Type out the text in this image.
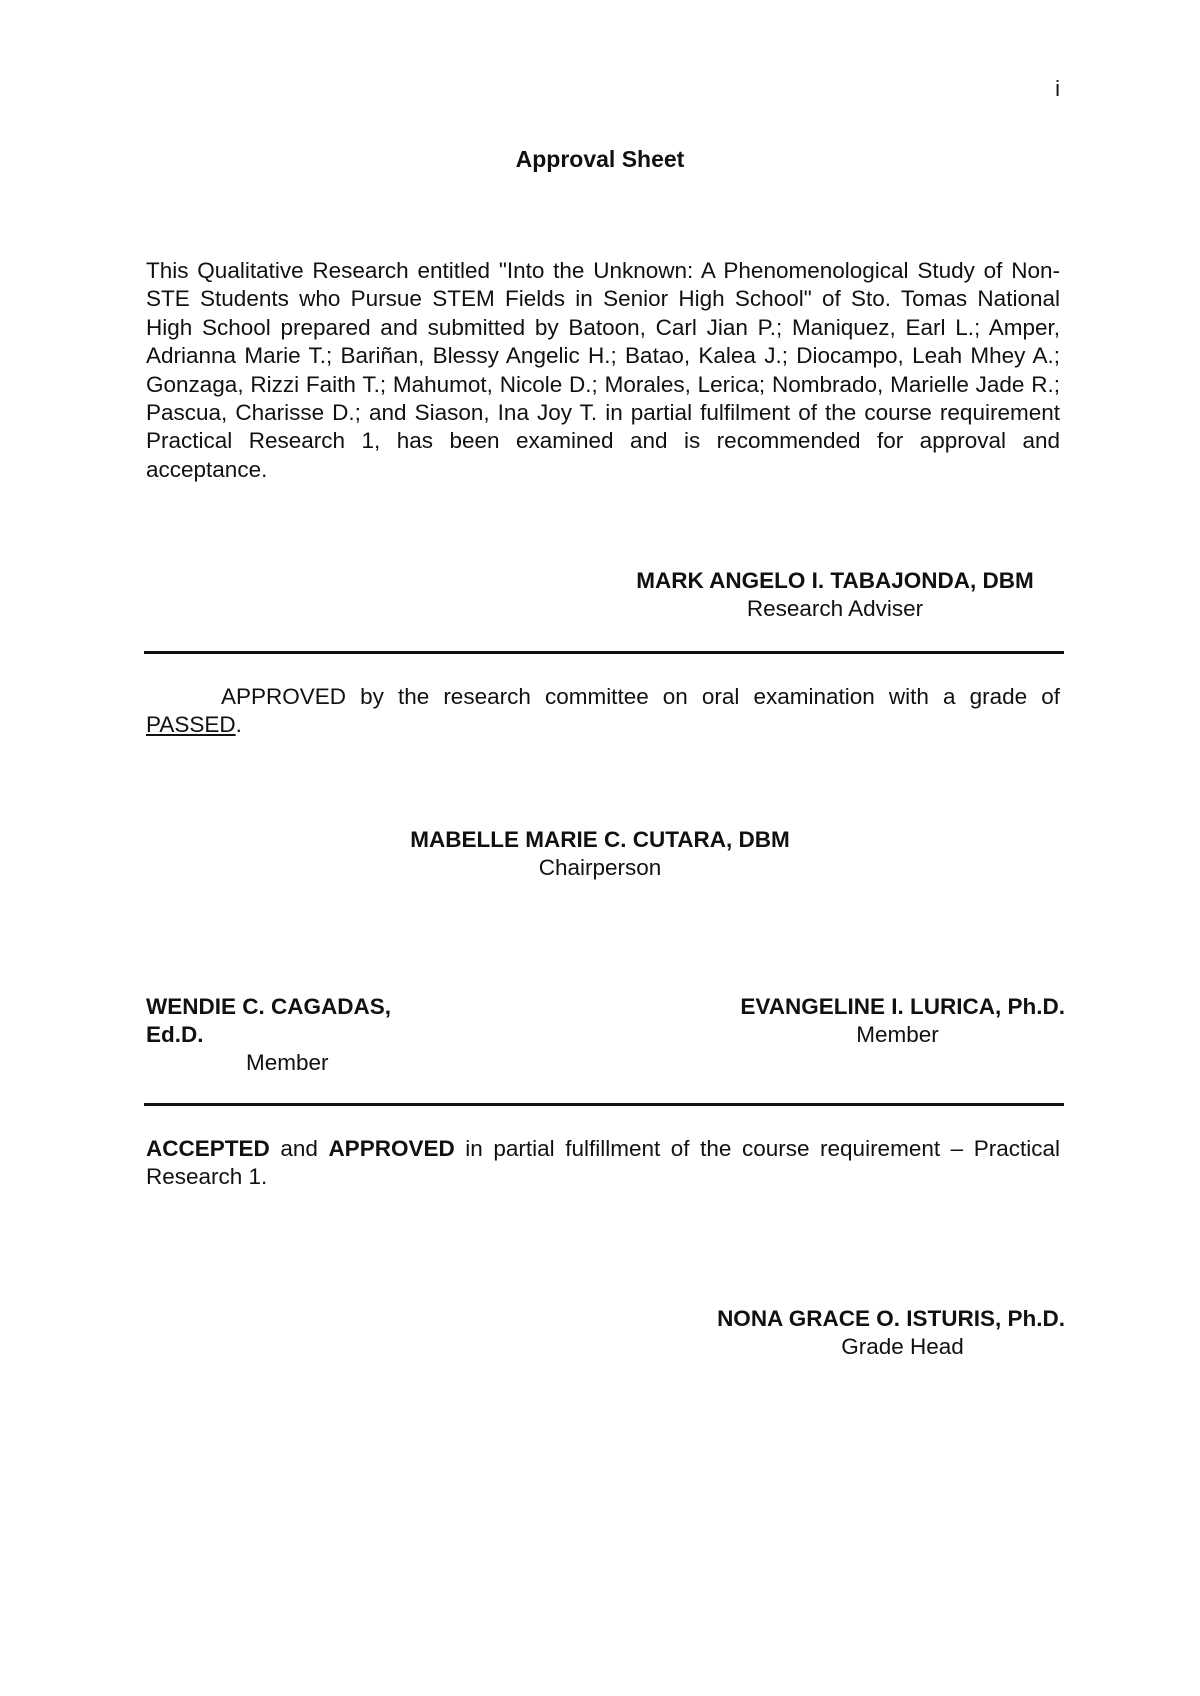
i
Approval Sheet

This Qualitative Research entitled "Into the Unknown: A Phenomenological Study of Non-STE Students who Pursue STEM Fields in Senior High School" of Sto. Tomas National High School prepared and submitted by Batoon, Carl Jian P.; Maniquez, Earl L.; Amper, Adrianna Marie T.; Bariñan, Blessy Angelic H.; Batao, Kalea J.; Diocampo, Leah Mhey A.; Gonzaga, Rizzi Faith T.; Mahumot, Nicole D.; Morales, Lerica; Nombrado, Marielle Jade R.; Pascua, Charisse D.; and Siason, Ina Joy T. in partial fulfilment of the course requirement Practical Research 1, has been examined and is recommended for approval and acceptance.

MARK ANGELO I. TABAJONDA, DBM
Research Adviser

APPROVED by the research committee on oral examination with a grade of PASSED.

MABELLE MARIE C. CUTARA, DBM
Chairperson
WENDIE C. CAGADAS, Ed.D.
Member
EVANGELINE I. LURICA, Ph.D.
Member

ACCEPTED and APPROVED in partial fulfillment of the course requirement – Practical Research 1.

NONA GRACE O. ISTURIS, Ph.D.
Grade Head
